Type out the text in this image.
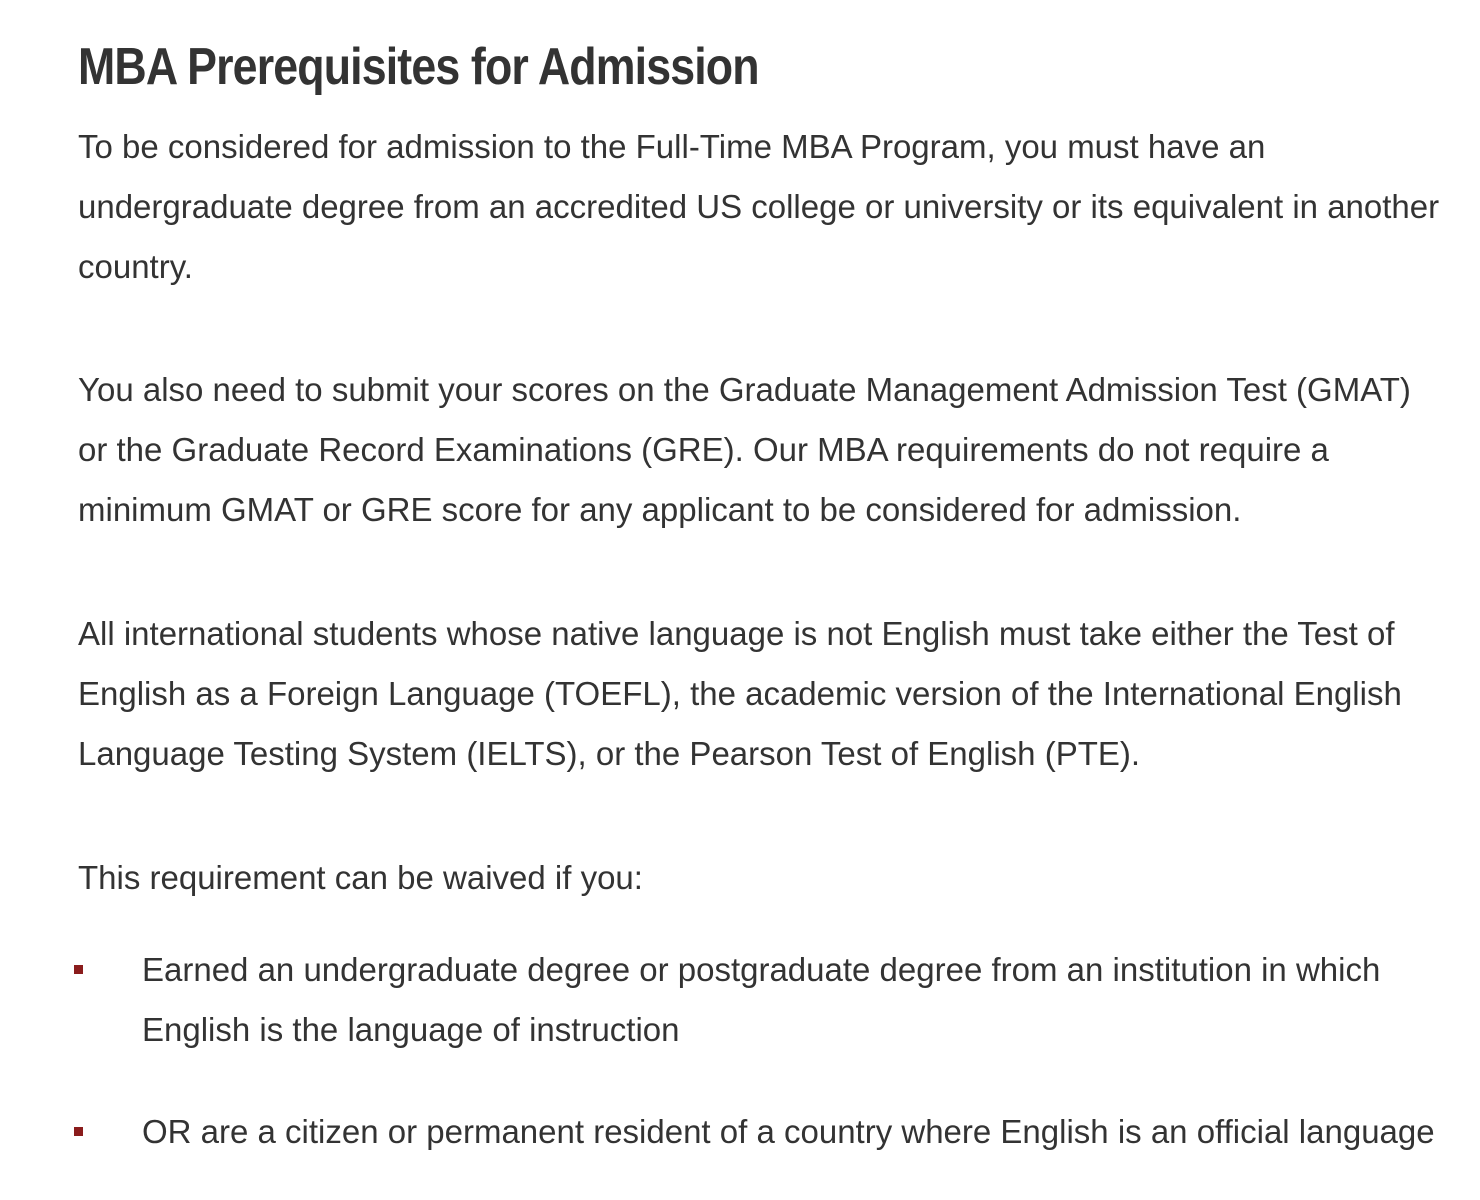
MBA Prerequisites for Admission

To be considered for admission to the Full-Time MBA Program, you must have an undergraduate degree from an accredited US college or university or its equivalent in another country.

You also need to submit your scores on the Graduate Management Admission Test (GMAT) or the Graduate Record Examinations (GRE). Our MBA requirements do not require a minimum GMAT or GRE score for any applicant to be considered for admission.

All international students whose native language is not English must take either the Test of English as a Foreign Language (TOEFL), the academic version of the International English Language Testing System (IELTS), or the Pearson Test of English (PTE).

This requirement can be waived if you:

Earned an undergraduate degree or postgraduate degree from an institution in which English is the language of instruction
OR are a citizen or permanent resident of a country where English is an official language
